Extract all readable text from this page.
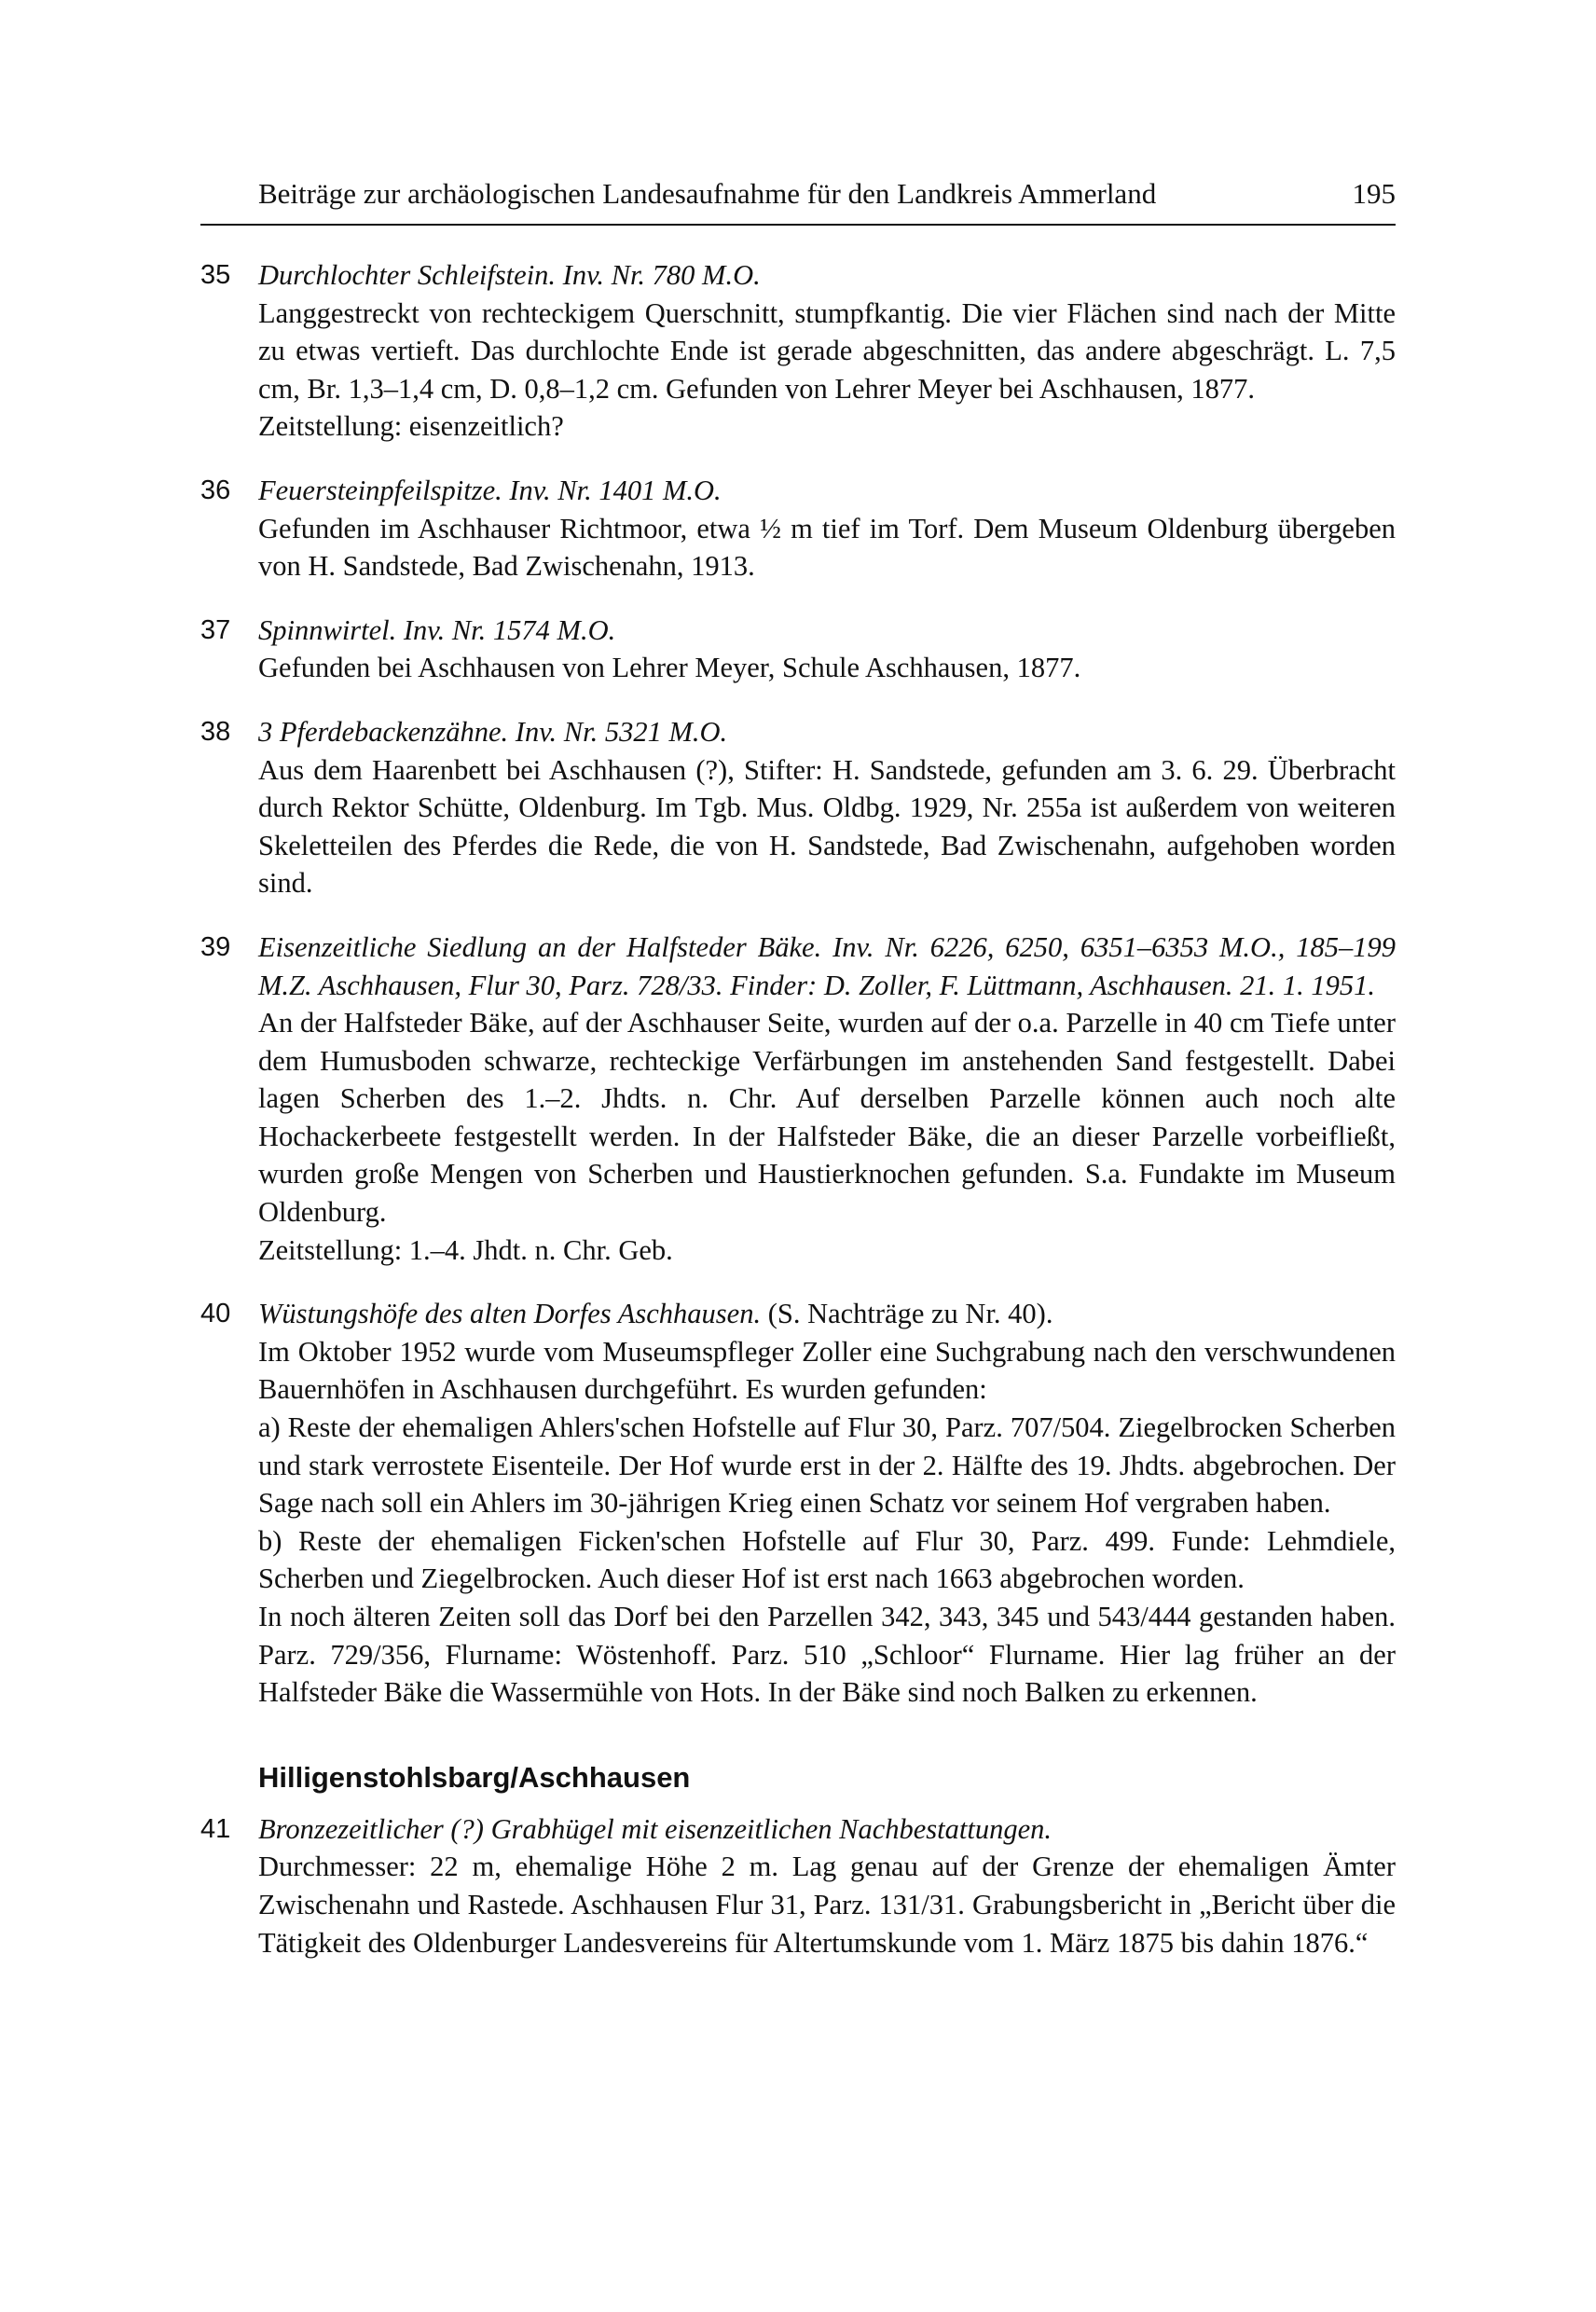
Beiträge zur archäologischen Landesaufnahme für den Landkreis Ammerland	195
35 Durchlochter Schleifstein. Inv. Nr. 780 M.O.

Langgestreckt von rechteckigem Querschnitt, stumpfkantig. Die vier Flächen sind nach der Mitte zu etwas vertieft. Das durchlochte Ende ist gerade abgeschnitten, das andere abgeschrägt. L. 7,5 cm, Br. 1,3–1,4 cm, D. 0,8–1,2 cm. Gefunden von Lehrer Meyer bei Aschhausen, 1877.

Zeitstellung: eisenzeitlich?

36 Feuersteinpfeilspitze. Inv. Nr. 1401 M.O.

Gefunden im Aschhauser Richtmoor, etwa ½ m tief im Torf. Dem Museum Oldenburg übergeben von H. Sandstede, Bad Zwischenahn, 1913.

37 Spinnwirtel. Inv. Nr. 1574 M.O.

Gefunden bei Aschhausen von Lehrer Meyer, Schule Aschhausen, 1877.

38 3 Pferdebackenzähne. Inv. Nr. 5321 M.O.

Aus dem Haarenbett bei Aschhausen (?), Stifter: H. Sandstede, gefunden am 3. 6. 29. Überbracht durch Rektor Schütte, Oldenburg. Im Tgb. Mus. Oldbg. 1929, Nr. 255a ist außerdem von weiteren Skeletteilen des Pferdes die Rede, die von H. Sandstede, Bad Zwischenahn, aufgehoben worden sind.

39 Eisenzeitliche Siedlung an der Halfsteder Bäke. Inv. Nr. 6226, 6250, 6351–6353 M.O., 185–199 M.Z. Aschhausen, Flur 30, Parz. 728/33. Finder: D. Zoller, F. Lüttmann, Aschhausen. 21. 1. 1951.

An der Halfsteder Bäke, auf der Aschhauser Seite, wurden auf der o.a. Parzelle in 40 cm Tiefe unter dem Humusboden schwarze, rechteckige Verfärbungen im anstehenden Sand festgestellt. Dabei lagen Scherben des 1.–2. Jhdts. n. Chr. Auf derselben Parzelle können auch noch alte Hochackerbeete festgestellt werden. In der Halfsteder Bäke, die an dieser Parzelle vorbeifließt, wurden große Mengen von Scherben und Haustierknochen gefunden. S.a. Fundakte im Museum Oldenburg.

Zeitstellung: 1.–4. Jhdt. n. Chr. Geb.

40 Wüstungshöfe des alten Dorfes Aschhausen. (S. Nachträge zu Nr. 40).

Im Oktober 1952 wurde vom Museumspfleger Zoller eine Suchgrabung nach den verschwundenen Bauernhöfen in Aschhausen durchgeführt. Es wurden gefunden:

a) Reste der ehemaligen Ahlers'schen Hofstelle auf Flur 30, Parz. 707/504. Ziegelbrocken Scherben und stark verrostete Eisenteile. Der Hof wurde erst in der 2. Hälfte des 19. Jhdts. abgebrochen. Der Sage nach soll ein Ahlers im 30-jährigen Krieg einen Schatz vor seinem Hof vergraben haben.

b) Reste der ehemaligen Ficken'schen Hofstelle auf Flur 30, Parz. 499. Funde: Lehmdiele, Scherben und Ziegelbrocken. Auch dieser Hof ist erst nach 1663 abgebrochen worden.

In noch älteren Zeiten soll das Dorf bei den Parzellen 342, 343, 345 und 543/444 gestanden haben. Parz. 729/356, Flurname: Wöstenhoff. Parz. 510 „Schloor“ Flurname. Hier lag früher an der Halfsteder Bäke die Wassermühle von Hots. In der Bäke sind noch Balken zu erkennen.

Hilligenstohlsbarg/Aschhausen
41 Bronzezeitlicher (?) Grabhügel mit eisenzeitlichen Nachbestattungen.

Durchmesser: 22 m, ehemalige Höhe 2 m. Lag genau auf der Grenze der ehemaligen Ämter Zwischenahn und Rastede. Aschhausen Flur 31, Parz. 131/31. Grabungsbericht in „Bericht über die Tätigkeit des Oldenburger Landesvereins für Altertumskunde vom 1. März 1875 bis dahin 1876.“
